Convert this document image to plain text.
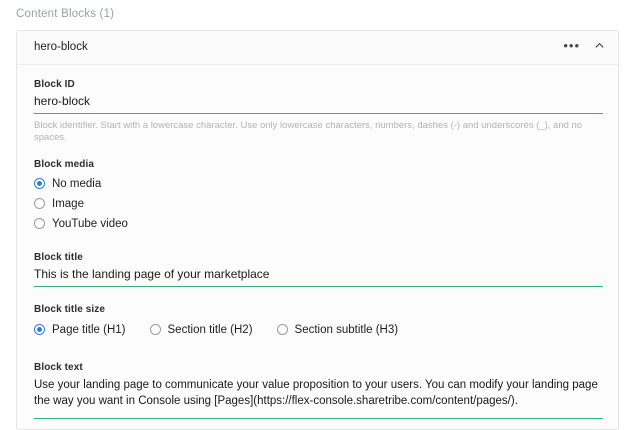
Content Blocks (1)
hero-block	•••
Block ID
hero-block
Block identifier. Start with a lowercase character. Use only lowercase characters, numbers, dashes (-) and underscores (_), and no spaces.
Block media
No media
Image
YouTube video
Block title
This is the landing page of your marketplace
Block title size
Page title (H1)	Section title (H2)	Section subtitle (H3)
Block text
Use your landing page to communicate your value proposition to your users. You can modify your landing page the way you want in Console using [Pages](https://flex-console.sharetribe.com/content/pages/).
